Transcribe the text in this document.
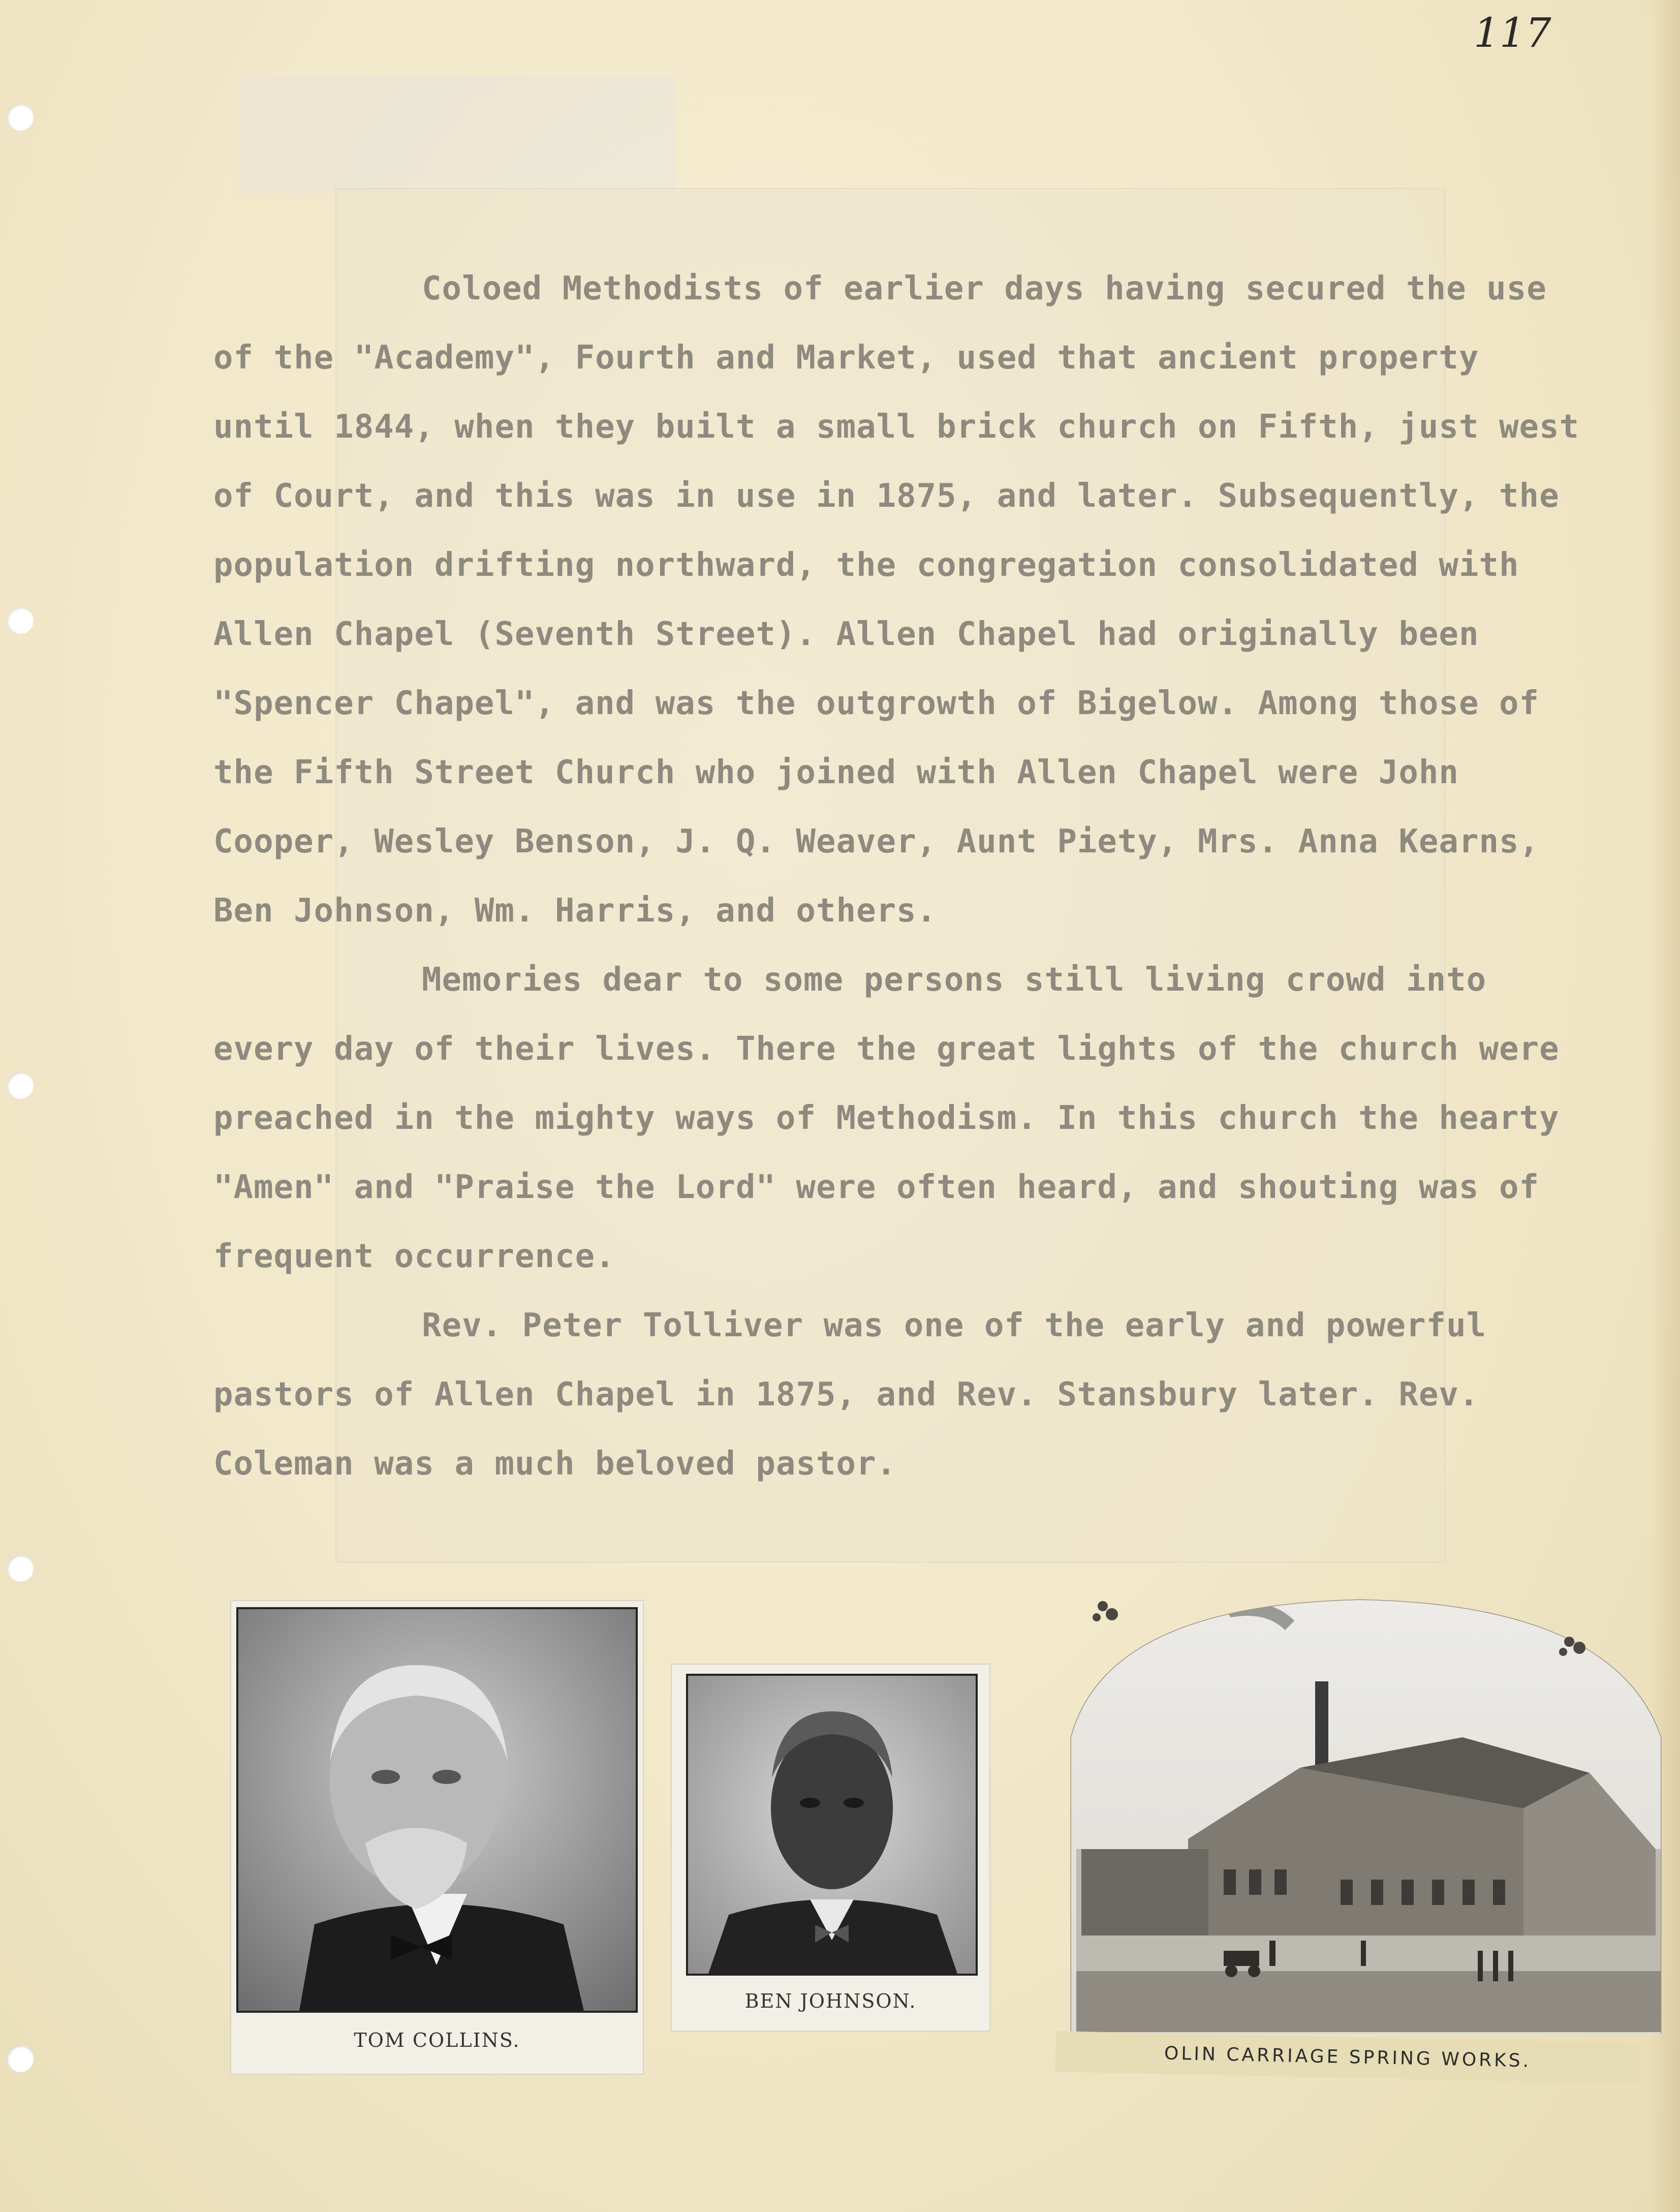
117

Coloed Methodists of earlier days having secured the use of the "Academy", Fourth and Market, used that ancient property until 1844, when they built a small brick church on Fifth, just west of Court, and this was in use in 1875, and later. Subsequently, the population drifting northward, the congregation consolidated with Allen Chapel (Seventh Street). Allen Chapel had originally been "Spencer Chapel", and was the outgrowth of Bigelow. Among those of the Fifth Street Church who joined with Allen Chapel were John Cooper, Wesley Benson, J. Q. Weaver, Aunt Piety, Mrs. Anna Kearns, Ben Johnson, Wm. Harris, and others.

Memories dear to some persons still living crowd into every day of their lives. There the great lights of the church were preached in the mighty ways of Methodism. In this church the hearty "Amen" and "Praise the Lord" were often heard, and shouting was of frequent occurrence.

Rev. Peter Tolliver was one of the early and powerful pastors of Allen Chapel in 1875, and Rev. Stansbury later. Rev. Coleman was a much beloved pastor.

TOM COLLINS.
BEN JOHNSON.
OLIN CARRIAGE SPRING WORKS.
